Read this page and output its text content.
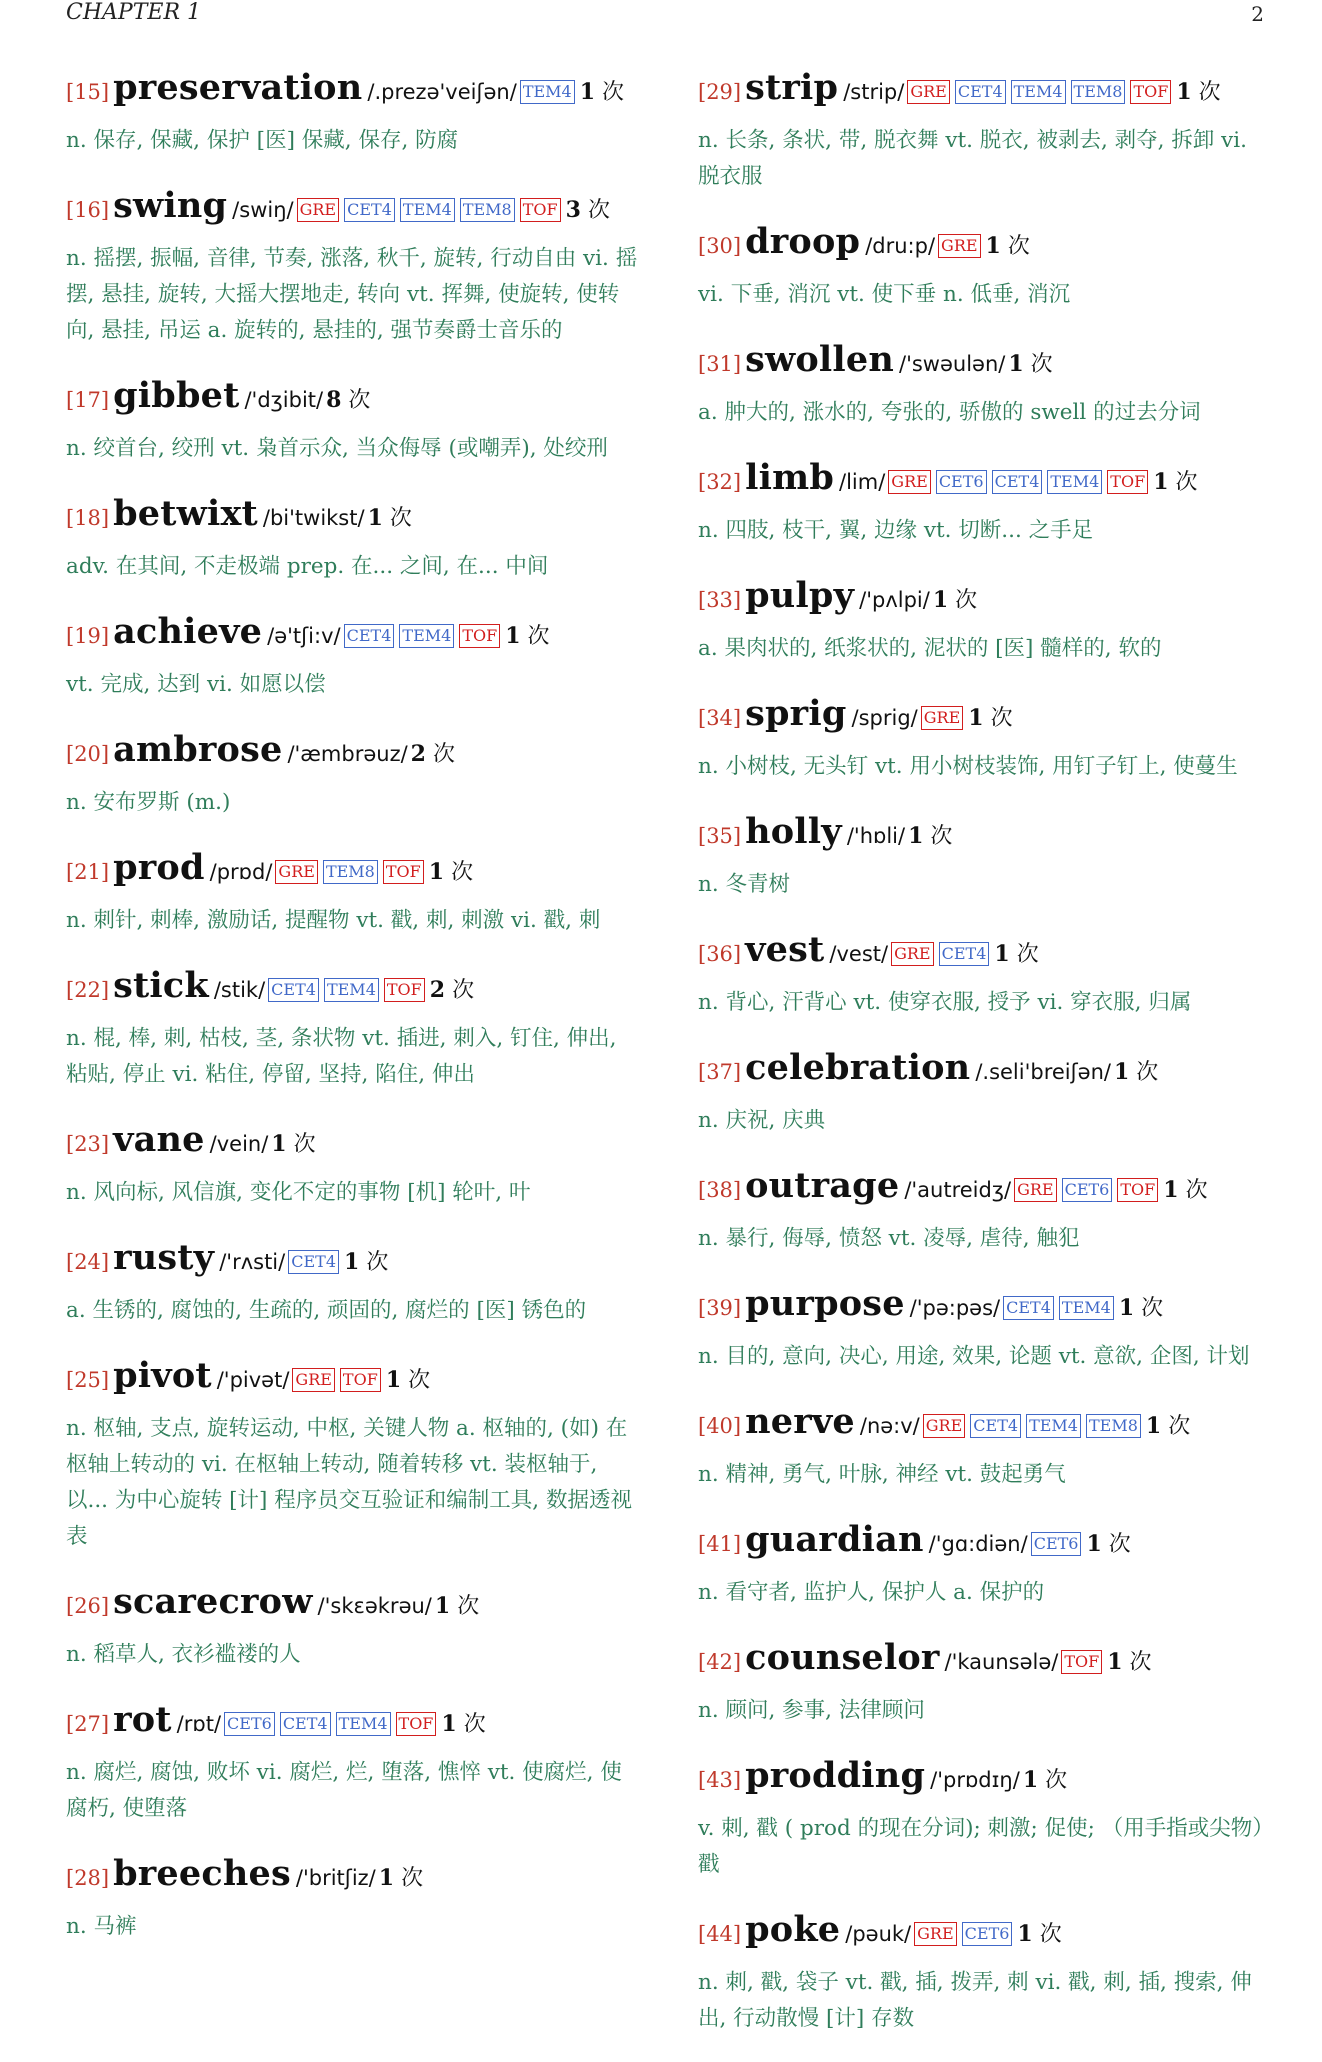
CHAPTER 1	2
[15] preservation /.prezə'veiʃən/ TEM4 1 次
n. 保存, 保藏, 保护 [医] 保藏, 保存, 防腐
[16] swing /swiŋ/ GRE CET4 TEM4 TEM8 TOF 3 次
n. 摇摆, 振幅, 音律, 节奏, 涨落, 秋千, 旋转, 行动自由 vi. 摇摆, 悬挂, 旋转, 大摇大摆地走, 转向 vt. 挥舞, 使旋转, 使转向, 悬挂, 吊运 a. 旋转的, 悬挂的, 强节奏爵士音乐的
[17] gibbet /'dʒibit/ 8 次
n. 绞首台, 绞刑 vt. 枭首示众, 当众侮辱 (或嘲弄), 处绞刑
[18] betwixt /bi'twikst/ 1 次
adv. 在其间, 不走极端 prep. 在... 之间, 在... 中间
[19] achieve /ə'tʃi:v/ CET4 TEM4 TOF 1 次
vt. 完成, 达到 vi. 如愿以偿
[20] ambrose /'æmbrəuz/ 2 次
n. 安布罗斯 (m.)
[21] prod /prɒd/ GRE TEM8 TOF 1 次
n. 刺针, 刺棒, 激励话, 提醒物 vt. 戳, 刺, 刺激 vi. 戳, 刺
[22] stick /stik/ CET4 TEM4 TOF 2 次
n. 棍, 棒, 刺, 枯枝, 茎, 条状物 vt. 插进, 刺入, 钉住, 伸出, 粘贴, 停止 vi. 粘住, 停留, 坚持, 陷住, 伸出
[23] vane /vein/ 1 次
n. 风向标, 风信旗, 变化不定的事物 [机] 轮叶, 叶
[24] rusty /'rʌsti/ CET4 1 次
a. 生锈的, 腐蚀的, 生疏的, 顽固的, 腐烂的 [医] 锈色的
[25] pivot /'pivət/ GRE TOF 1 次
n. 枢轴, 支点, 旋转运动, 中枢, 关键人物 a. 枢轴的, (如) 在枢轴上转动的 vi. 在枢轴上转动, 随着转移 vt. 装枢轴于, 以... 为中心旋转 [计] 程序员交互验证和编制工具, 数据透视表
[26] scarecrow /'skɛəkrəu/ 1 次
n. 稻草人, 衣衫褴褛的人
[27] rot /rɒt/ CET6 CET4 TEM4 TOF 1 次
n. 腐烂, 腐蚀, 败坏 vi. 腐烂, 烂, 堕落, 憔悴 vt. 使腐烂, 使腐朽, 使堕落
[28] breeches /'britʃiz/ 1 次
n. 马裤
[29] strip /strip/ GRE CET4 TEM4 TEM8 TOF 1 次
n. 长条, 条状, 带, 脱衣舞 vt. 脱衣, 被剥去, 剥夺, 拆卸 vi. 脱衣服
[30] droop /dru:p/ GRE 1 次
vi. 下垂, 消沉 vt. 使下垂 n. 低垂, 消沉
[31] swollen /'swəulən/ 1 次
a. 肿大的, 涨水的, 夸张的, 骄傲的 swell 的过去分词
[32] limb /lim/ GRE CET6 CET4 TEM4 TOF 1 次
n. 四肢, 枝干, 翼, 边缘 vt. 切断... 之手足
[33] pulpy /'pʌlpi/ 1 次
a. 果肉状的, 纸浆状的, 泥状的 [医] 髓样的, 软的
[34] sprig /sprig/ GRE 1 次
n. 小树枝, 无头钉 vt. 用小树枝装饰, 用钉子钉上, 使蔓生
[35] holly /'hɒli/ 1 次
n. 冬青树
[36] vest /vest/ GRE CET4 1 次
n. 背心, 汗背心 vt. 使穿衣服, 授予 vi. 穿衣服, 归属
[37] celebration /.seli'breiʃən/ 1 次
n. 庆祝, 庆典
[38] outrage /'autreidʒ/ GRE CET6 TOF 1 次
n. 暴行, 侮辱, 愤怒 vt. 凌辱, 虐待, 触犯
[39] purpose /'pə:pəs/ CET4 TEM4 1 次
n. 目的, 意向, 决心, 用途, 效果, 论题 vt. 意欲, 企图, 计划
[40] nerve /nə:v/ GRE CET4 TEM4 TEM8 1 次
n. 精神, 勇气, 叶脉, 神经 vt. 鼓起勇气
[41] guardian /'gɑ:diən/ CET6 1 次
n. 看守者, 监护人, 保护人 a. 保护的
[42] counselor /'kaunsələ/ TOF 1 次
n. 顾问, 参事, 法律顾问
[43] prodding /'prɒdɪŋ/ 1 次
v. 刺, 戳 ( prod 的现在分词); 刺激; 促使; （用手指或尖物）戳
[44] poke /pəuk/ GRE CET6 1 次
n. 刺, 戳, 袋子 vt. 戳, 插, 拨弄, 刺 vi. 戳, 刺, 插, 搜索, 伸出, 行动散慢 [计] 存数
